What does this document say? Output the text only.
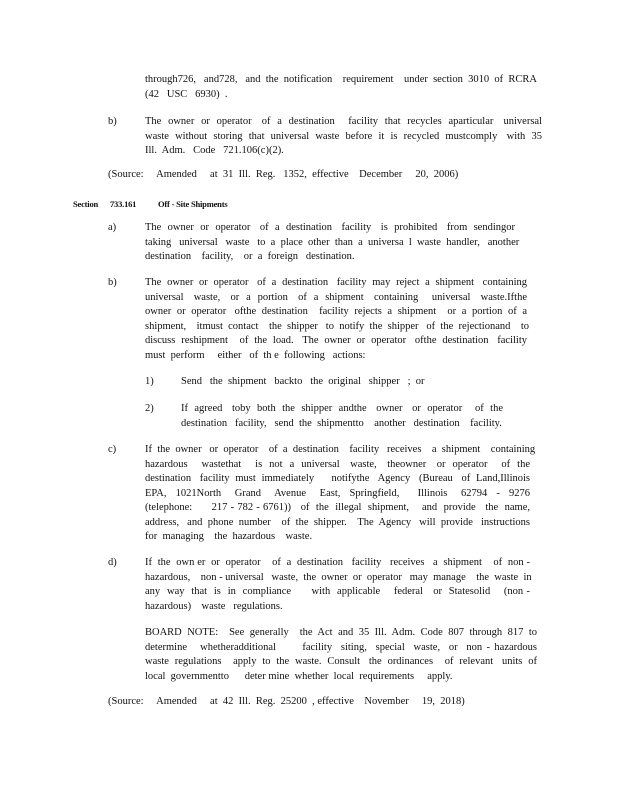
through726,   and728,   and  the  notification    requirement    under  section  3010  of  RCRA
(42   USC   6930)  .
b)	The  owner  or  operator   of  a  destination    facility  that  recycles  aparticular   universal
waste  without  storing  that  universal  waste  before  it  is  recycled  mustcomply   with  35
Ill.  Adm.   Code   721.106(c)(2).
(Source:     Amended     at  31  Ill.  Reg.   1352,  effective    December     20,  2006)
Section 733.161	Off - Site Shipments
a)	The  owner  or  operator   of  a  destination   facility   is  prohibited   from  sendingor
taking   universal   waste   to  a  place  other  than  a  universa  l  waste  handler,   another
destination    facility,    or  a  foreign   destination.
b)	The  owner  or  operator   of  a  destination   facility  may  reject  a  shipment   containing
universal   waste,   or  a  portion   of  a  shipment   containing    universal   waste.Ifthe
owner  or  operator   ofthe  destination    facility  rejects  a  shipment    or  a  portion  of  a
shipment,    itmust  contact    the  shipper   to  notify  the  shipper   of  the  rejectionand    to
discuss  reshipment    of  the  load.   The  owner  or  operator   ofthe  destination   facility
must  perform     either   of  th e  following   actions:
1)	Send   the  shipment   backto   the  original   shipper   ;  or
2)	If  agreed   toby  both  the  shipper  andthe   owner   or  operator    of  the
destination   facility,   send  the  shipmentto    another   destination    facility.
c)	If  the  owner   or  operator    of  a  destination    facility   receives    a  shipment    containing
hazardous    wastethat    is  not  a  universal   waste,   theowner   or  operator    of  the
destination   facility  must  immediately      notifythe   Agency   (Bureau   of  Land,Illinois
EPA,  1021North   Grand   Avenue   East,  Springfield,    Illinois   62794  -  9276
(telephone:      217 - 782 - 6761))   of  the  illegal  shipment,    and  provide   the  name,
address,   and  phone  number    of  the  shipper.    The  Agency   will  provide   instructions
for  managing    the  hazardous    waste.
d)	If  the  own er  or  operator    of  a  destination   facility   receives   a  shipment    of  non -
hazardous,    non - universal   waste,  the  owner  or  operator   may  manage    the  waste  in
any  way  that  is  in  compliance      with  applicable    federal   or  Statesolid    (non -
hazardous)    waste   regulations.
BOARD  NOTE:    See  generally    the  Act  and  35  Ill.  Adm.  Code  807  through  817  to
determine   whetheradditional      facility  siting,  special  waste,  or  non - hazardous
waste  regulations    apply  to  the  waste.  Consult   the  ordinances    of  relevant   units  of
local  governmentto      deter mine  whether  local  requirements     apply.
(Source:     Amended     at  42  Ill.  Reg.  25200  , effective    November     19,  2018)
